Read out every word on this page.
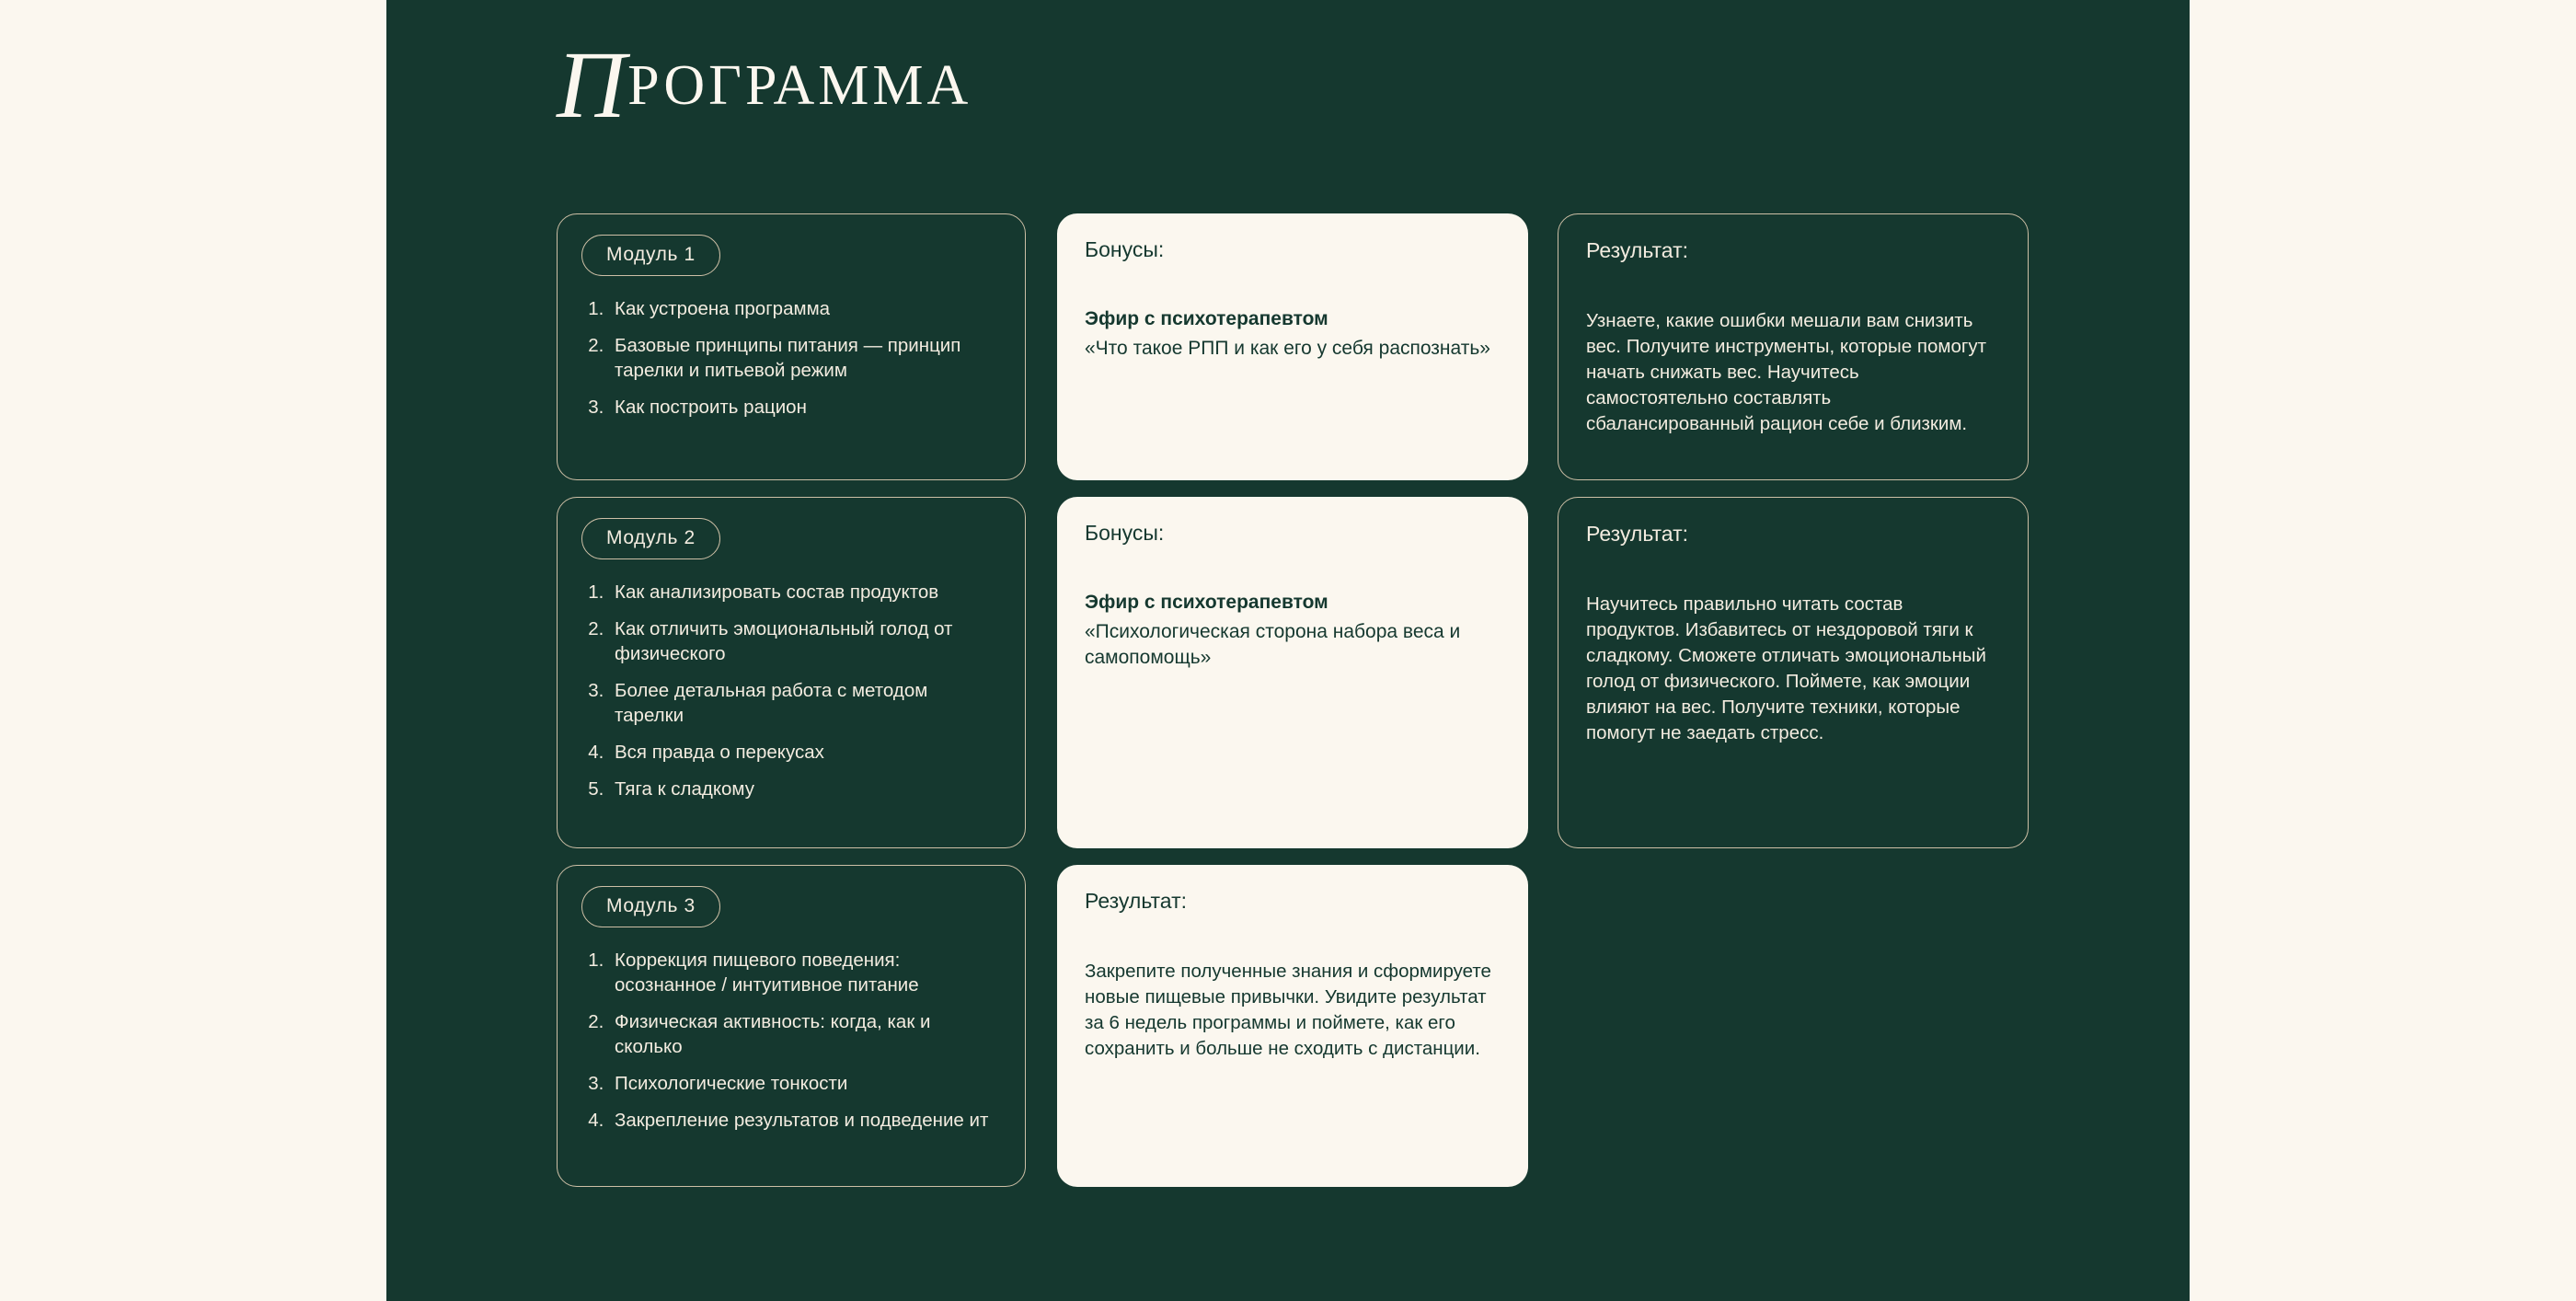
ПРОГРАММА
Модуль 1
1. Как устроена программа
2. Базовые принципы питания — принцип тарелки и питьевой режим
3. Как построить рацион
Бонусы:
Эфир с психотерапевтом
«Что такое РПП и как его у себя распознать»
Результат:
Узнаете, какие ошибки мешали вам снизить вес. Получите инструменты, которые помогут начать снижать вес. Научитесь самостоятельно составлять сбалансированный рацион себе и близким.
Модуль 2
1. Как анализировать состав продуктов
2. Как отличить эмоциональный голод от физического
3. Более детальная работа с методом тарелки
4. Вся правда о перекусах
5. Тяга к сладкому
Бонусы:
Эфир с психотерапевтом
«Психологическая сторона набора веса и самопомощь»
Результат:
Научитесь правильно читать состав продуктов. Избавитесь от нездоровой тяги к сладкому. Сможете отличать эмоциональный голод от физического. Поймете, как эмоции влияют на вес. Получите техники, которые помогут не заедать стресс.
Модуль 3
1. Коррекция пищевого поведения: осознанное / интуитивное питание
2. Физическая активность: когда, как и сколько
3. Психологические тонкости
4. Закрепление результатов и подведение ит
Результат:
Закрепите полученные знания и сформируете новые пищевые привычки. Увидите результат за 6 недель программы и поймете, как его сохранить и больше не сходить с дистанции.
